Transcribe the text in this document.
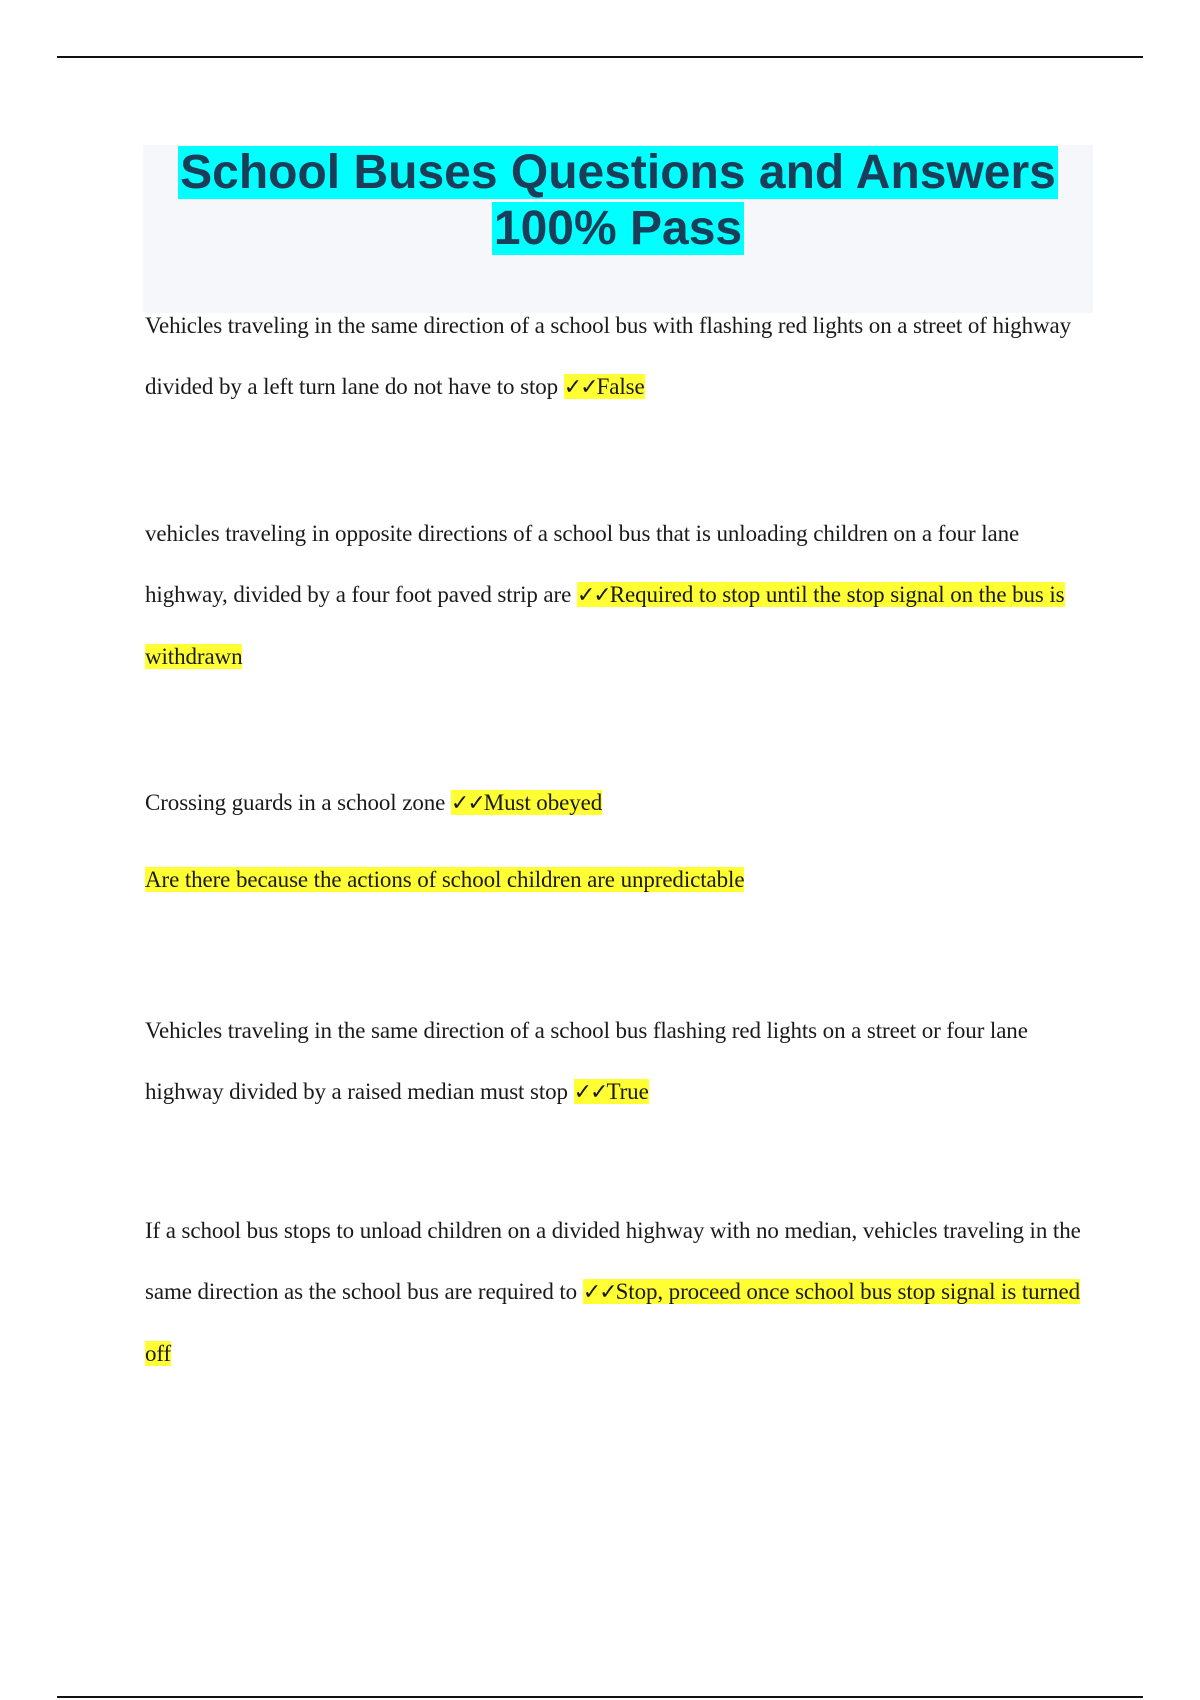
School Buses Questions and Answers 100% Pass

Vehicles traveling in the same direction of a school bus with flashing red lights on a street of highway divided by a left turn lane do not have to stop ✓✓False

vehicles traveling in opposite directions of a school bus that is unloading children on a four lane highway, divided by a four foot paved strip are ✓✓Required to stop until the stop signal on the bus is withdrawn

Crossing guards in a school zone ✓✓Must obeyed

Are there because the actions of school children are unpredictable

Vehicles traveling in the same direction of a school bus flashing red lights on a street or four lane highway divided by a raised median must stop ✓✓True

If a school bus stops to unload children on a divided highway with no median, vehicles traveling in the same direction as the school bus are required to ✓✓Stop, proceed once school bus stop signal is turned off
